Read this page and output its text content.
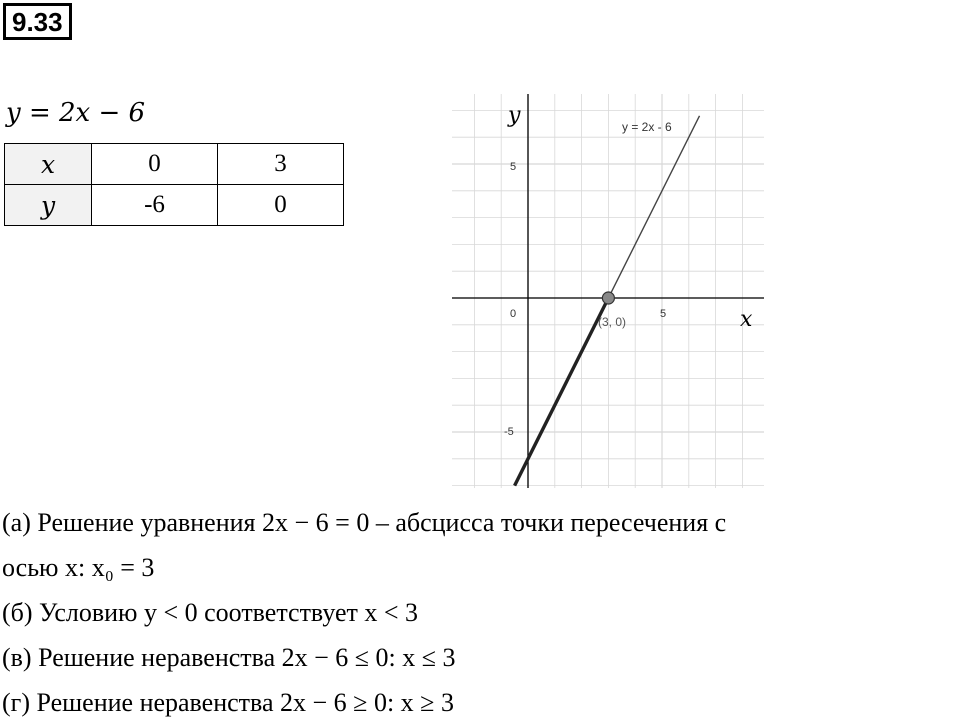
9.33
y = 2x − 6
x	0	3
y	-6	0
y
x
0	5
5
-5
y = 2x - 6
(3, 0)
(а) Решение уравнения 2x − 6 = 0 – абсцисса точки пересечения с
осью x: x₀ = 3
(б) Условию y < 0 соответствует x < 3
(в) Решение неравенства 2x − 6 ≤ 0: x ≤ 3
(г) Решение неравенства 2x − 6 ≥ 0: x ≥ 3
